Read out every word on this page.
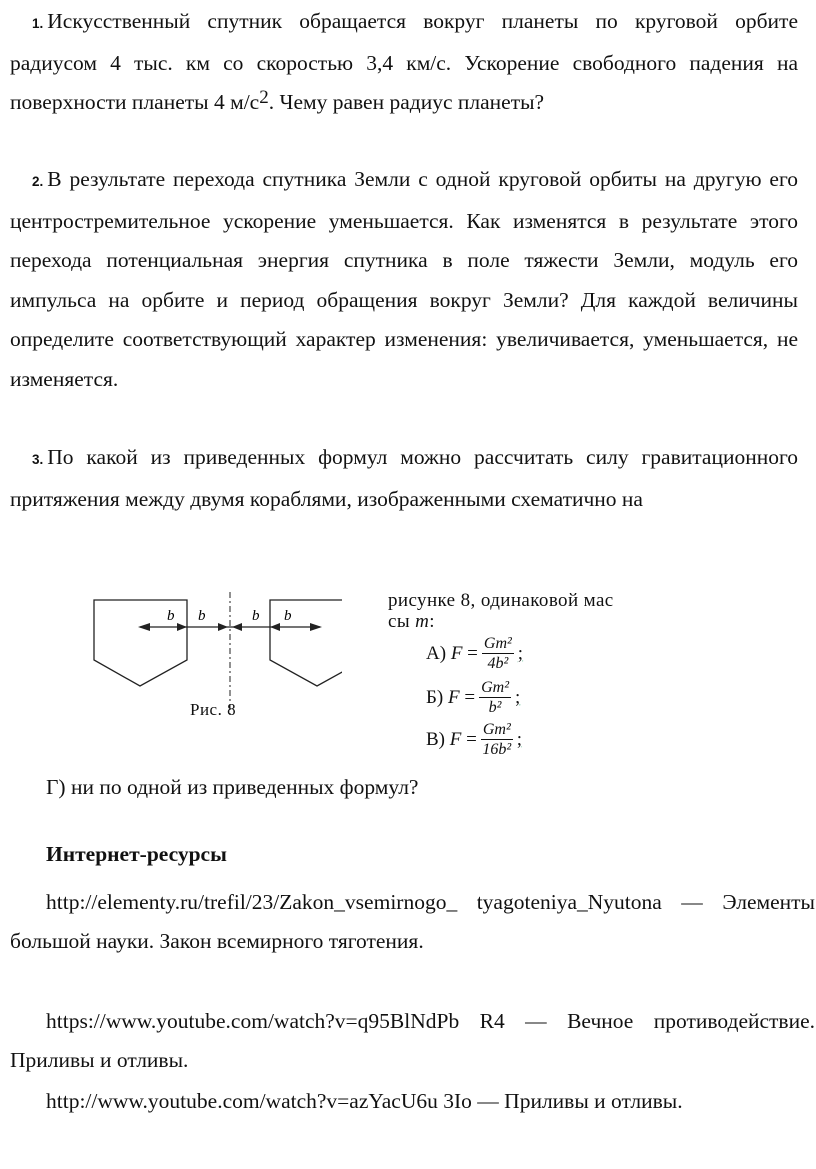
1. Искусственный спутник обращается вокруг планеты по круговой орбите радиусом 4 тыс. км со скоростью 3,4 км/с. Ускорение свободного падения на поверхности планеты 4 $м/с^2$. Чему равен радиус планеты?

2. В результате перехода спутника Земли с одной круговой орбиты на другую его центростремительное ускорение уменьшается. Как изменятся в результате этого перехода потенциальная энергия спутника в поле тяжести Земли, модуль его импульса на орбите и период обращения вокруг Земли? Для каждой величины определите соответствующий характер изменения: увеличивается, уменьшается, не изменяется.

3. По какой из приведенных формул можно рассчитать силу гравитационного притяжения между двумя кораблями, изображенными схематично на

b b	b b
Рис. 8
рисунке 8, одинаковой мас
сы m:
А)
F
= $\frac{\text{Gm²}}{\text{4b²}}$ ;
Б)
F
= $\frac{\text{Gm²}}{\text{b²}}$ ;
В)
F
= $\frac{\text{Gm²}}{\text{16b²}}$ ;
Г) ни по одной из приведенных формул?
Интернет-ресурсы

http://elementy.ru/trefil/23/Zakon_vsemirnogo_ tyagoteniya_Nyutona — Элементы большой науки. Закон всемирного тяготения.

https://www.youtube.com/watch?v=q95BlNdPb R4 — Вечное противодействие. Приливы и отливы.

http://www.youtube.com/watch?v=azYacU6u 3Io — Приливы и отливы.
